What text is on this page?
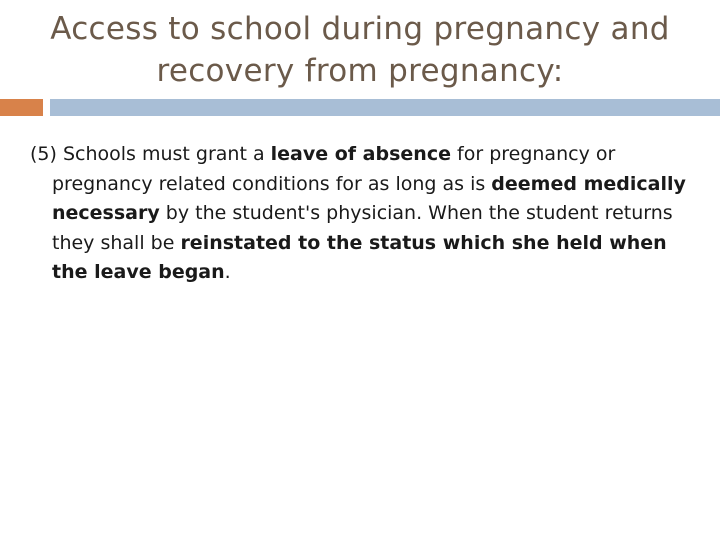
Access to school during pregnancy and
recovery from pregnancy:
(5) Schools must grant a leave of absence for pregnancy or pregnancy related conditions for as long as is deemed medically necessary by the student's physician. When the student returns they shall be reinstated to the status which she held when the leave began.
